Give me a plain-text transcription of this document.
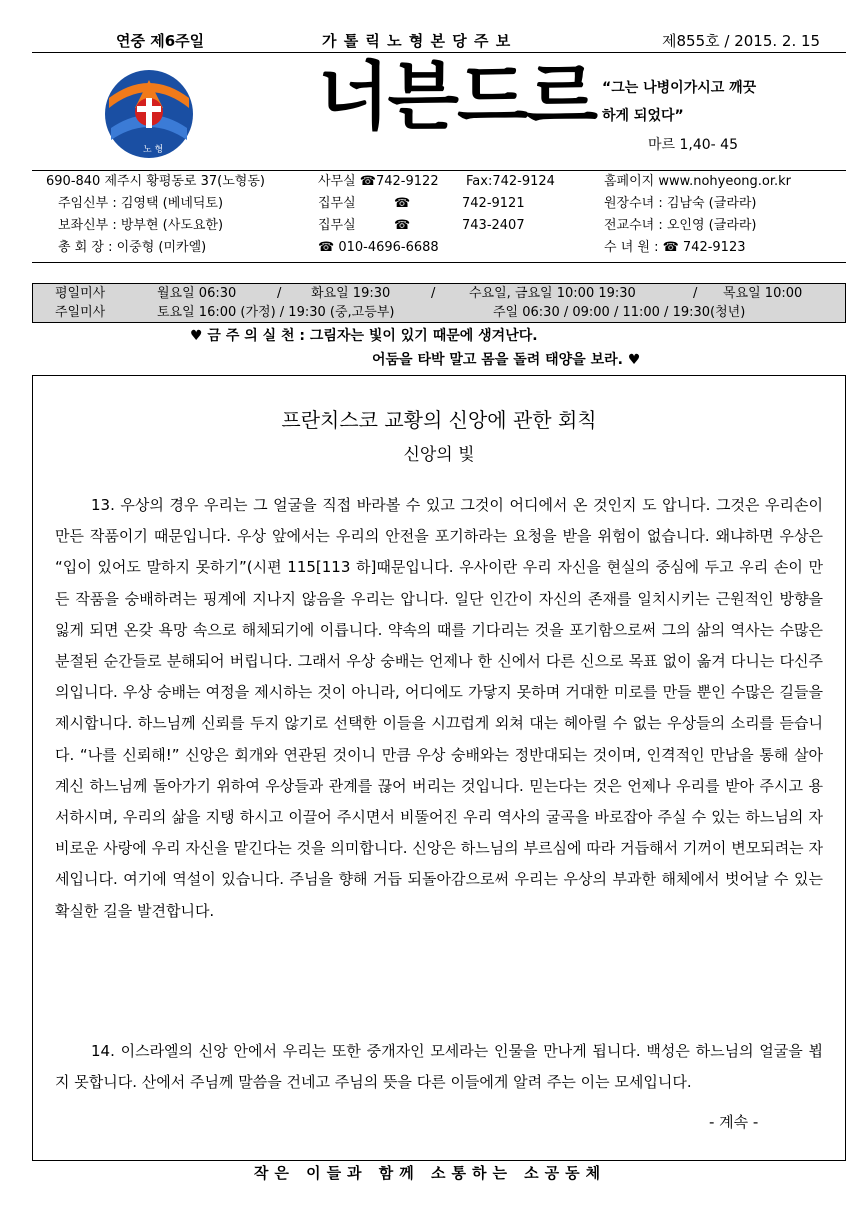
연중 제6주일	가 톨 릭 노 형 본 당 주 보	제855호 / 2015. 2. 15
노 형
너븐드르 “그는 나병이가시고 깨끗
하게 되었다”
마르 1,40- 45
690-840 제주시 황평동로 37(노형동)	사무실 ☎742-9122 Fax:742-9124	홈페이지 www.nohyeong.or.kr
주임신부 : 김영택 (베네딕토)	집무실	☎	742-9121	원장수녀 : 김남숙 (글라라)
보좌신부 : 방부현 (사도요한)	집무실	☎	743-2407	전교수녀 : 오인영 (글라라)
총 회 장 : 이중형 (미카엘)	☎ 010-4696-6688	수 녀 원 : ☎ 742-9123
평일미사	월요일 06:30	/ 화요일 19:30	/	수요일, 금요일 10:00 19:30	/ 목요일 10:00
주일미사	토요일 16:00 (가정) / 19:30 (중,고등부)	주일 06:30 / 09:00 / 11:00 / 19:30(청년)
♥ 금 주 의 실 천 : 그림자는 빛이 있기 때문에 생겨난다.
어둠을 타박 말고 몸을 돌려 태양을 보라. ♥
프란치스코 교황의 신앙에 관한 회칙
신앙의 빛

13. 우상의 경우 우리는 그 얼굴을 직접 바라볼 수 있고 그것이 어디에서 온 것인지 도 압니다. 그것은 우리손이 만든 작품이기 때문입니다. 우상 앞에서는 우리의 안전을 포기하라는 요청을 받을 위험이 없습니다. 왜냐하면 우상은 “입이 있어도 말하지 못하기”(시편 115[113 하]때문입니다. 우사이란 우리 자신을 현실의 중심에 두고 우리 손이 만든 작품을 숭배하려는 핑계에 지나지 않음을 우리는 압니다. 일단 인간이 자신의 존재를 일치시키는 근원적인 방향을 잃게 되면 온갖 욕망 속으로 해체되기에 이릅니다. 약속의 때를 기다리는 것을 포기함으로써 그의 삶의 역사는 수많은 분절된 순간들로 분해되어 버립니다. 그래서 우상 숭배는 언제나 한 신에서 다른 신으로 목표 없이 옮겨 다니는 다신주의입니다. 우상 숭배는 여정을 제시하는 것이 아니라, 어디에도 가닿지 못하며 거대한 미로를 만들 뿐인 수많은 길들을 제시합니다. 하느님께 신뢰를 두지 않기로 선택한 이들을 시끄럽게 외쳐 대는 헤아릴 수 없는 우상들의 소리를 듣습니다. “나를 신뢰해!” 신앙은 회개와 연관된 것이니 만큼 우상 숭배와는 정반대되는 것이며, 인격적인 만남을 통해 살아 계신 하느님께 돌아가기 위하여 우상들과 관계를 끊어 버리는 것입니다. 믿는다는 것은 언제나 우리를 받아 주시고 용서하시며, 우리의 삶을 지탱 하시고 이끌어 주시면서 비뚤어진 우리 역사의 굴곡을 바로잡아 주실 수 있는 하느님의 자비로운 사랑에 우리 자신을 맡긴다는 것을 의미합니다. 신앙은 하느님의 부르심에 따라 거듭해서 기꺼이 변모되려는 자세입니다. 여기에 역설이 있습니다. 주님을 향해 거듭 되돌아감으로써 우리는 우상의 부과한 해체에서 벗어날 수 있는 확실한 길을 발견합니다.

14. 이스라엘의 신앙 안에서 우리는 또한 중개자인 모세라는 인물을 만나게 됩니다. 백성은 하느님의 얼굴을 뵙지 못합니다. 산에서 주님께 말씀을 건네고 주님의 뜻을 다른 이들에게 알려 주는 이는 모세입니다.

- 계속 -
작은 이들과 함께 소통하는 소공동체
